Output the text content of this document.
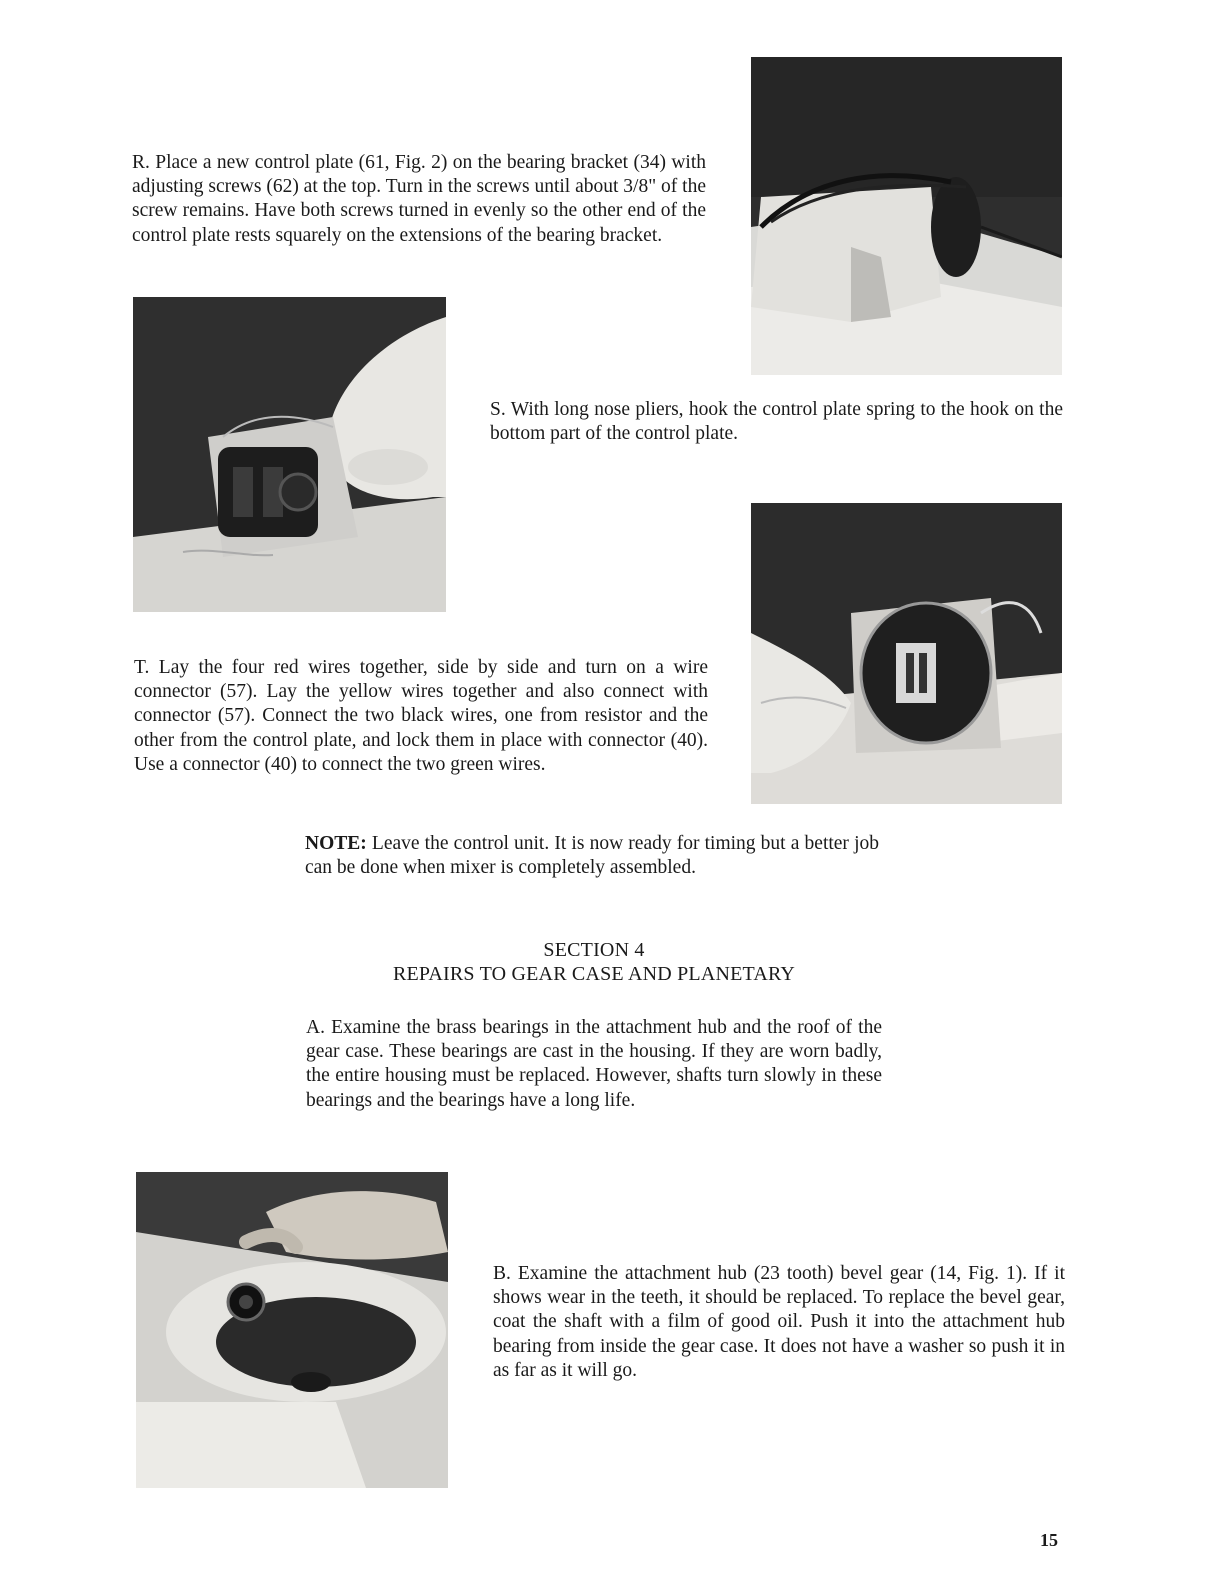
R. Place a new control plate (61, Fig. 2) on the bearing bracket (34) with adjusting screws (62) at the top. Turn in the screws until about 3/8" of the screw remains. Have both screws turned in evenly so the other end of the control plate rests squarely on the extensions of the bearing bracket.

S. With long nose pliers, hook the control plate spring to the hook on the bottom part of the control plate.

T. Lay the four red wires together, side by side and turn on a wire connector (57). Lay the yellow wires together and also connect with connector (57). Connect the two black wires, one from resistor and the other from the control plate, and lock them in place with connector (40). Use a connector (40) to connect the two green wires.

NOTE: Leave the control unit. It is now ready for timing but a better job can be done when mixer is completely assembled.

SECTION 4

REPAIRS TO GEAR CASE AND PLANETARY

A. Examine the brass bearings in the attachment hub and the roof of the gear case. These bearings are cast in the housing. If they are worn badly, the entire housing must be replaced. However, shafts turn slowly in these bearings and the bearings have a long life.

B. Examine the attachment hub (23 tooth) bevel gear (14, Fig. 1). If it shows wear in the teeth, it should be replaced. To replace the bevel gear, coat the shaft with a film of good oil. Push it into the attachment hub bearing from inside the gear case. It does not have a washer so push it in as far as it will go.

15
